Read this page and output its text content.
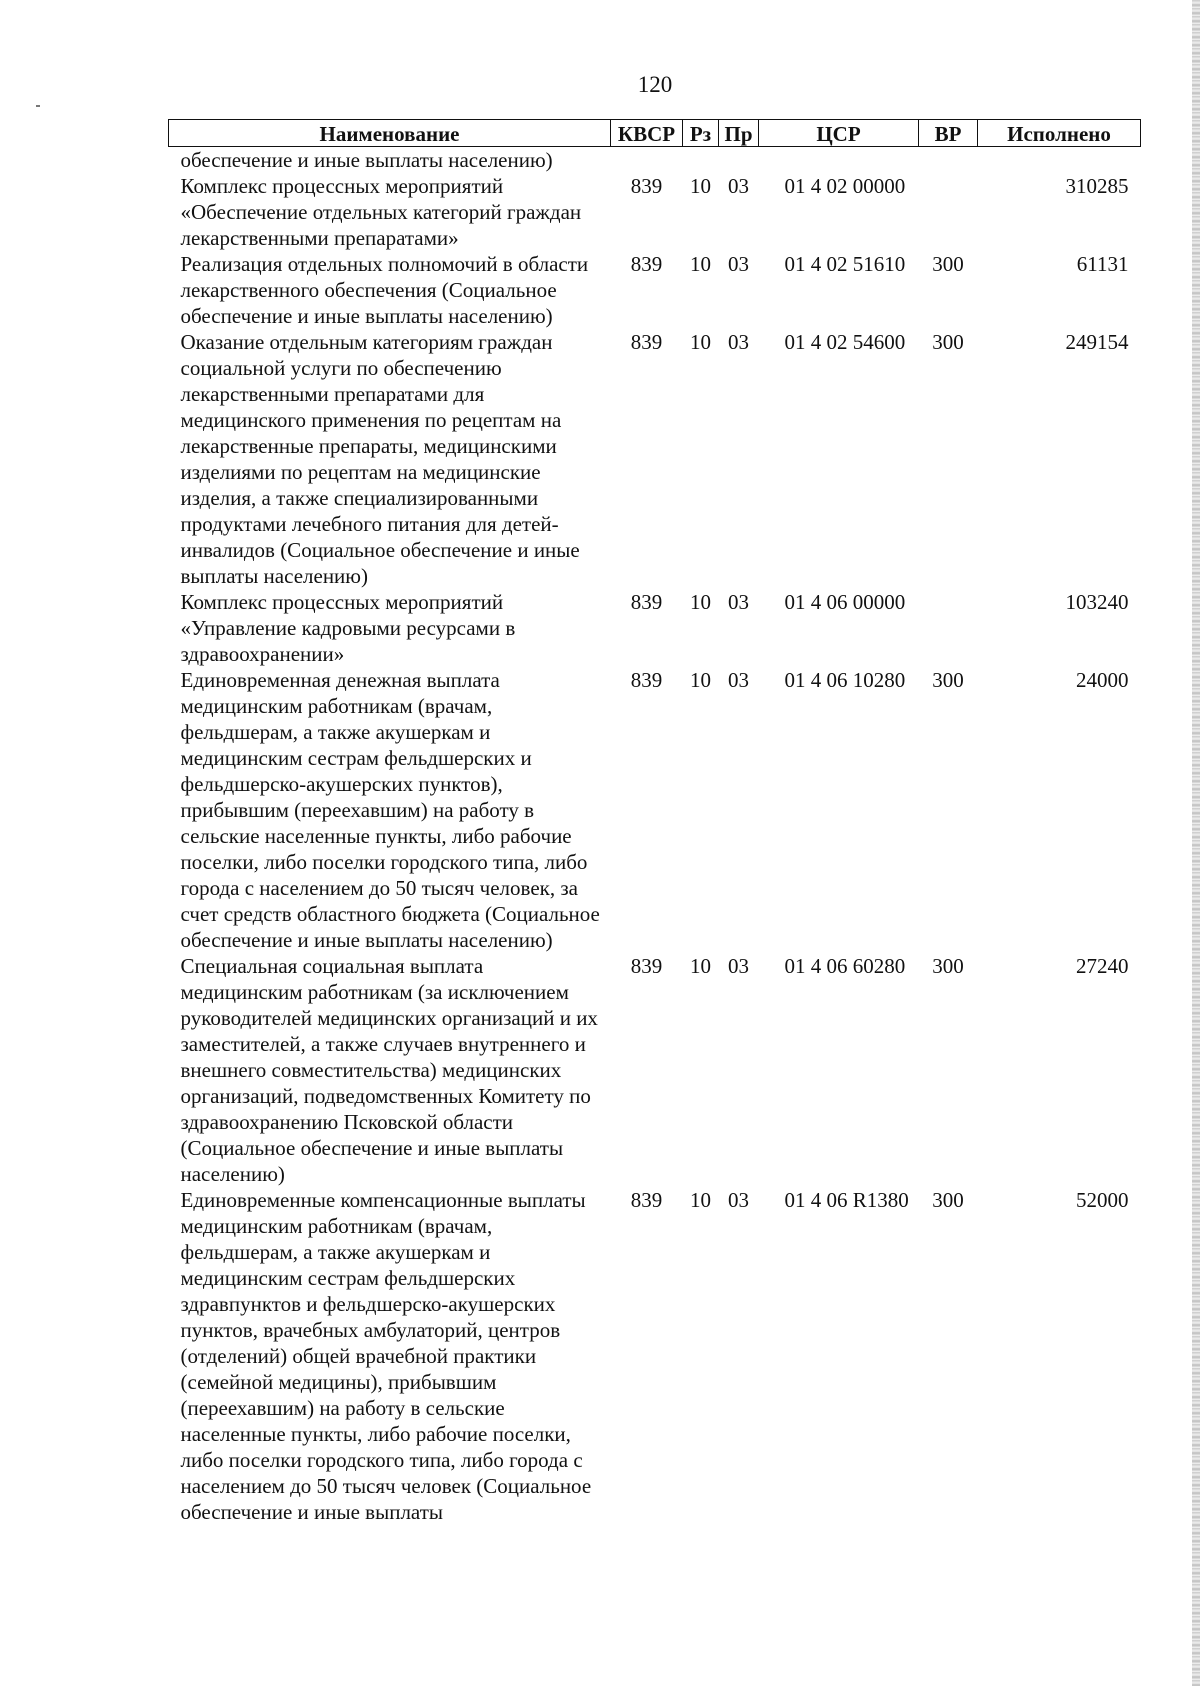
120
Наименование	КВСР	Рз	Пр	ЦСР	ВР	Исполнено
обеспечение и иные выплаты населению)						
Комплекс процессных мероприятий «Обеспечение отдельных категорий граждан лекарственными препаратами»	839	10	03	01 4 02 00000		310285
Реализация отдельных полномочий в области лекарственного обеспечения (Социальное обеспечение и иные выплаты населению)	839	10	03	01 4 02 51610	300	61131
Оказание отдельным категориям граждан социальной услуги по обеспечению лекарственными препаратами для медицинского применения по рецептам на лекарственные препараты, медицинскими изделиями по рецептам на медицинские изделия, а также специализированными продуктами лечебного питания для детей-инвалидов (Социальное обеспечение и иные выплаты населению)	839	10	03	01 4 02 54600	300	249154
Комплекс процессных мероприятий «Управление кадровыми ресурсами в здравоохранении»	839	10	03	01 4 06 00000		103240
Единовременная денежная выплата медицинским работникам (врачам, фельдшерам, а также акушеркам и медицинским сестрам фельдшерских и фельдшерско-акушерских пунктов), прибывшим (переехавшим) на работу в сельские населенные пункты, либо рабочие поселки, либо поселки городского типа, либо города с населением до 50 тысяч человек, за счет средств областного бюджета (Социальное обеспечение и иные выплаты населению)	839	10	03	01 4 06 10280	300	24000
Специальная социальная выплата медицинским работникам (за исключением руководителей медицинских организаций и их заместителей, а также случаев внутреннего и внешнего совместительства) медицинских организаций, подведомственных Комитету по здравоохранению Псковской области (Социальное обеспечение и иные выплаты населению)	839	10	03	01 4 06 60280	300	27240
Единовременные компенсационные выплаты медицинским работникам (врачам, фельдшерам, а также акушеркам и медицинским сестрам фельдшерских здравпунктов и фельдшерско-акушерских пунктов, врачебных амбулаторий, центров (отделений) общей врачебной практики (семейной медицины), прибывшим (переехавшим) на работу в сельские населенные пункты, либо рабочие поселки, либо поселки городского типа, либо города с населением до 50 тысяч человек (Социальное обеспечение и иные выплаты	839	10	03	01 4 06 R1380	300	52000
